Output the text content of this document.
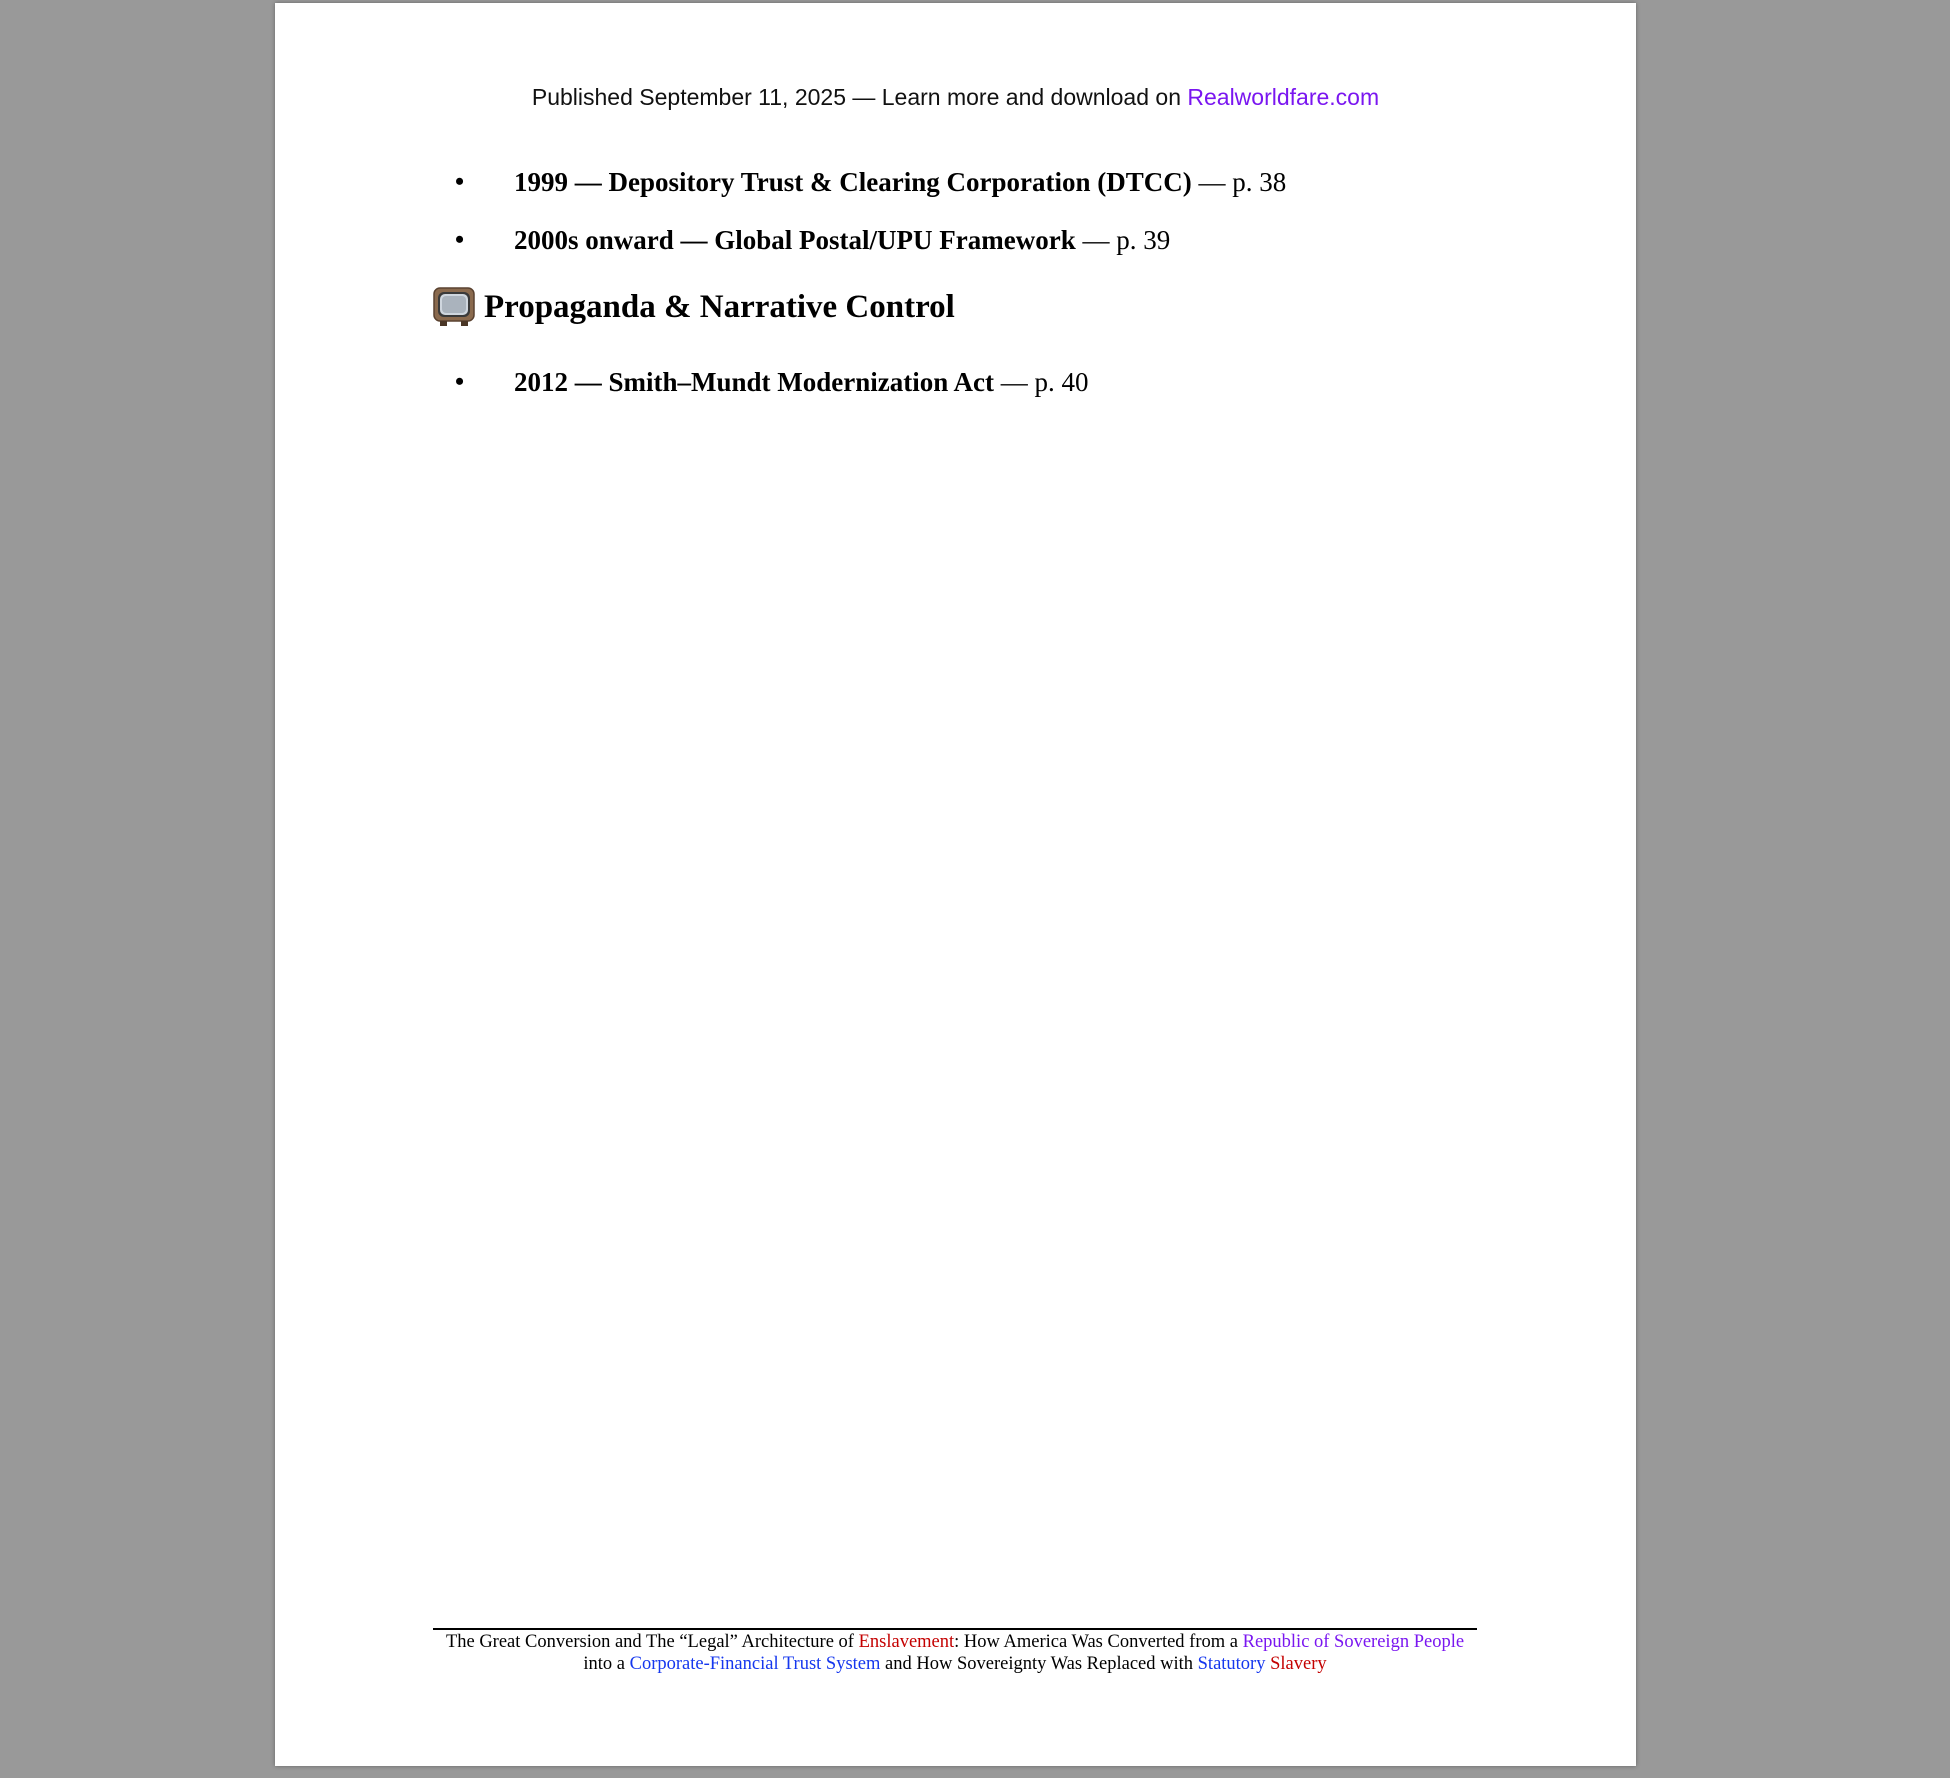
Published September 11, 2025 — Learn more and download on Realworldfare.com
• 1999 — Depository Trust & Clearing Corporation (DTCC) — p. 38
• 2000s onward — Global Postal/UPU Framework — p. 39
Propaganda & Narrative Control
• 2012 — Smith–Mundt Modernization Act — p. 40
The Great Conversion and The “Legal” Architecture of Enslavement: How America Was Converted from a Republic of Sovereign People into a Corporate-Financial Trust System and How Sovereignty Was Replaced with Statutory Slavery
